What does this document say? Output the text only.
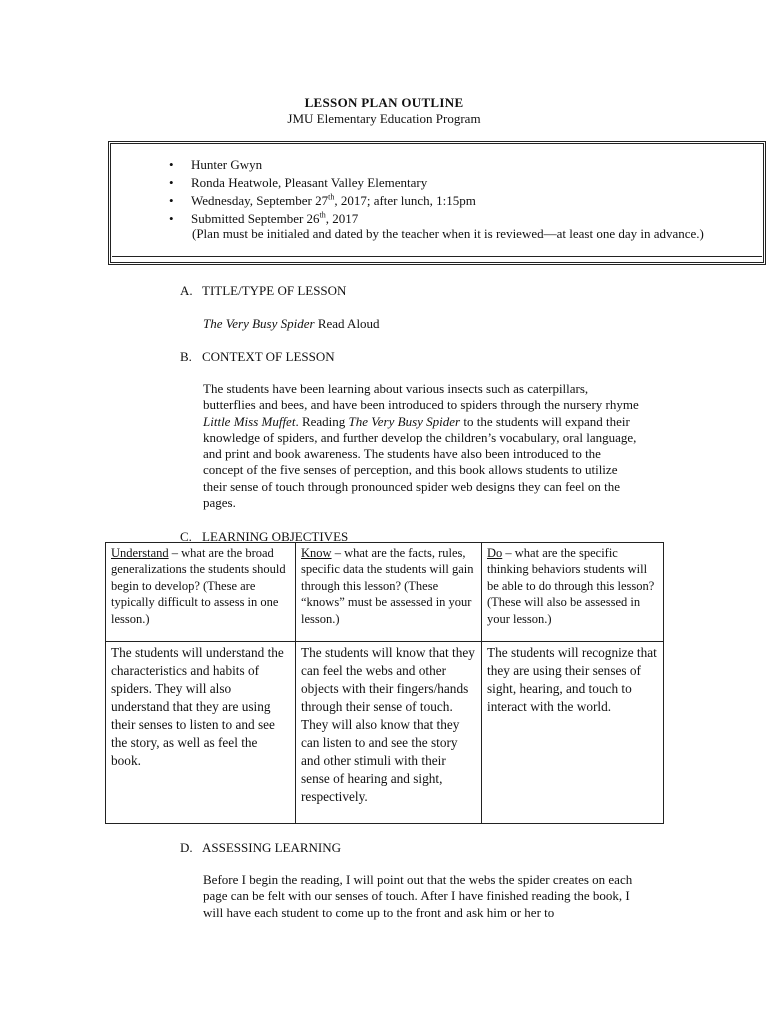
LESSON PLAN OUTLINE
JMU Elementary Education Program
• Hunter Gwyn
• Ronda Heatwole, Pleasant Valley Elementary
• Wednesday, September 27th, 2017; after lunch, 1:15pm
• Submitted September 26th, 2017
(Plan must be initialed and dated by the teacher when it is reviewed—at least one day in advance.)
A. TITLE/TYPE OF LESSON
The Very Busy Spider Read Aloud
B. CONTEXT OF LESSON
The students have been learning about various insects such as caterpillars, butterflies and bees, and have been introduced to spiders through the nursery rhyme Little Miss Muffet. Reading The Very Busy Spider to the students will expand their knowledge of spiders, and further develop the children’s vocabulary, oral language, and print and book awareness. The students have also been introduced to the concept of the five senses of perception, and this book allows students to utilize their sense of touch through pronounced spider web designs they can feel on the pages.
C. LEARNING OBJECTIVES
Understand – what are the broad generalizations the students should begin to develop? (These are typically difficult to assess in one lesson.)	Know – what are the facts, rules, specific data the students will gain through this lesson? (These “knows” must be assessed in your lesson.)	Do – what are the specific thinking behaviors students will be able to do through this lesson? (These will also be assessed in your lesson.)
The students will understand the characteristics and habits of spiders. They will also understand that they are using their senses to listen to and see the story, as well as feel the book.	The students will know that they can feel the webs and other objects with their fingers/hands through their sense of touch. They will also know that they can listen to and see the story and other stimuli with their sense of hearing and sight, respectively.	The students will recognize that they are using their senses of sight, hearing, and touch to interact with the world.
D. ASSESSING LEARNING
Before I begin the reading, I will point out that the webs the spider creates on each page can be felt with our senses of touch. After I have finished reading the book, I will have each student to come up to the front and ask him or her to
